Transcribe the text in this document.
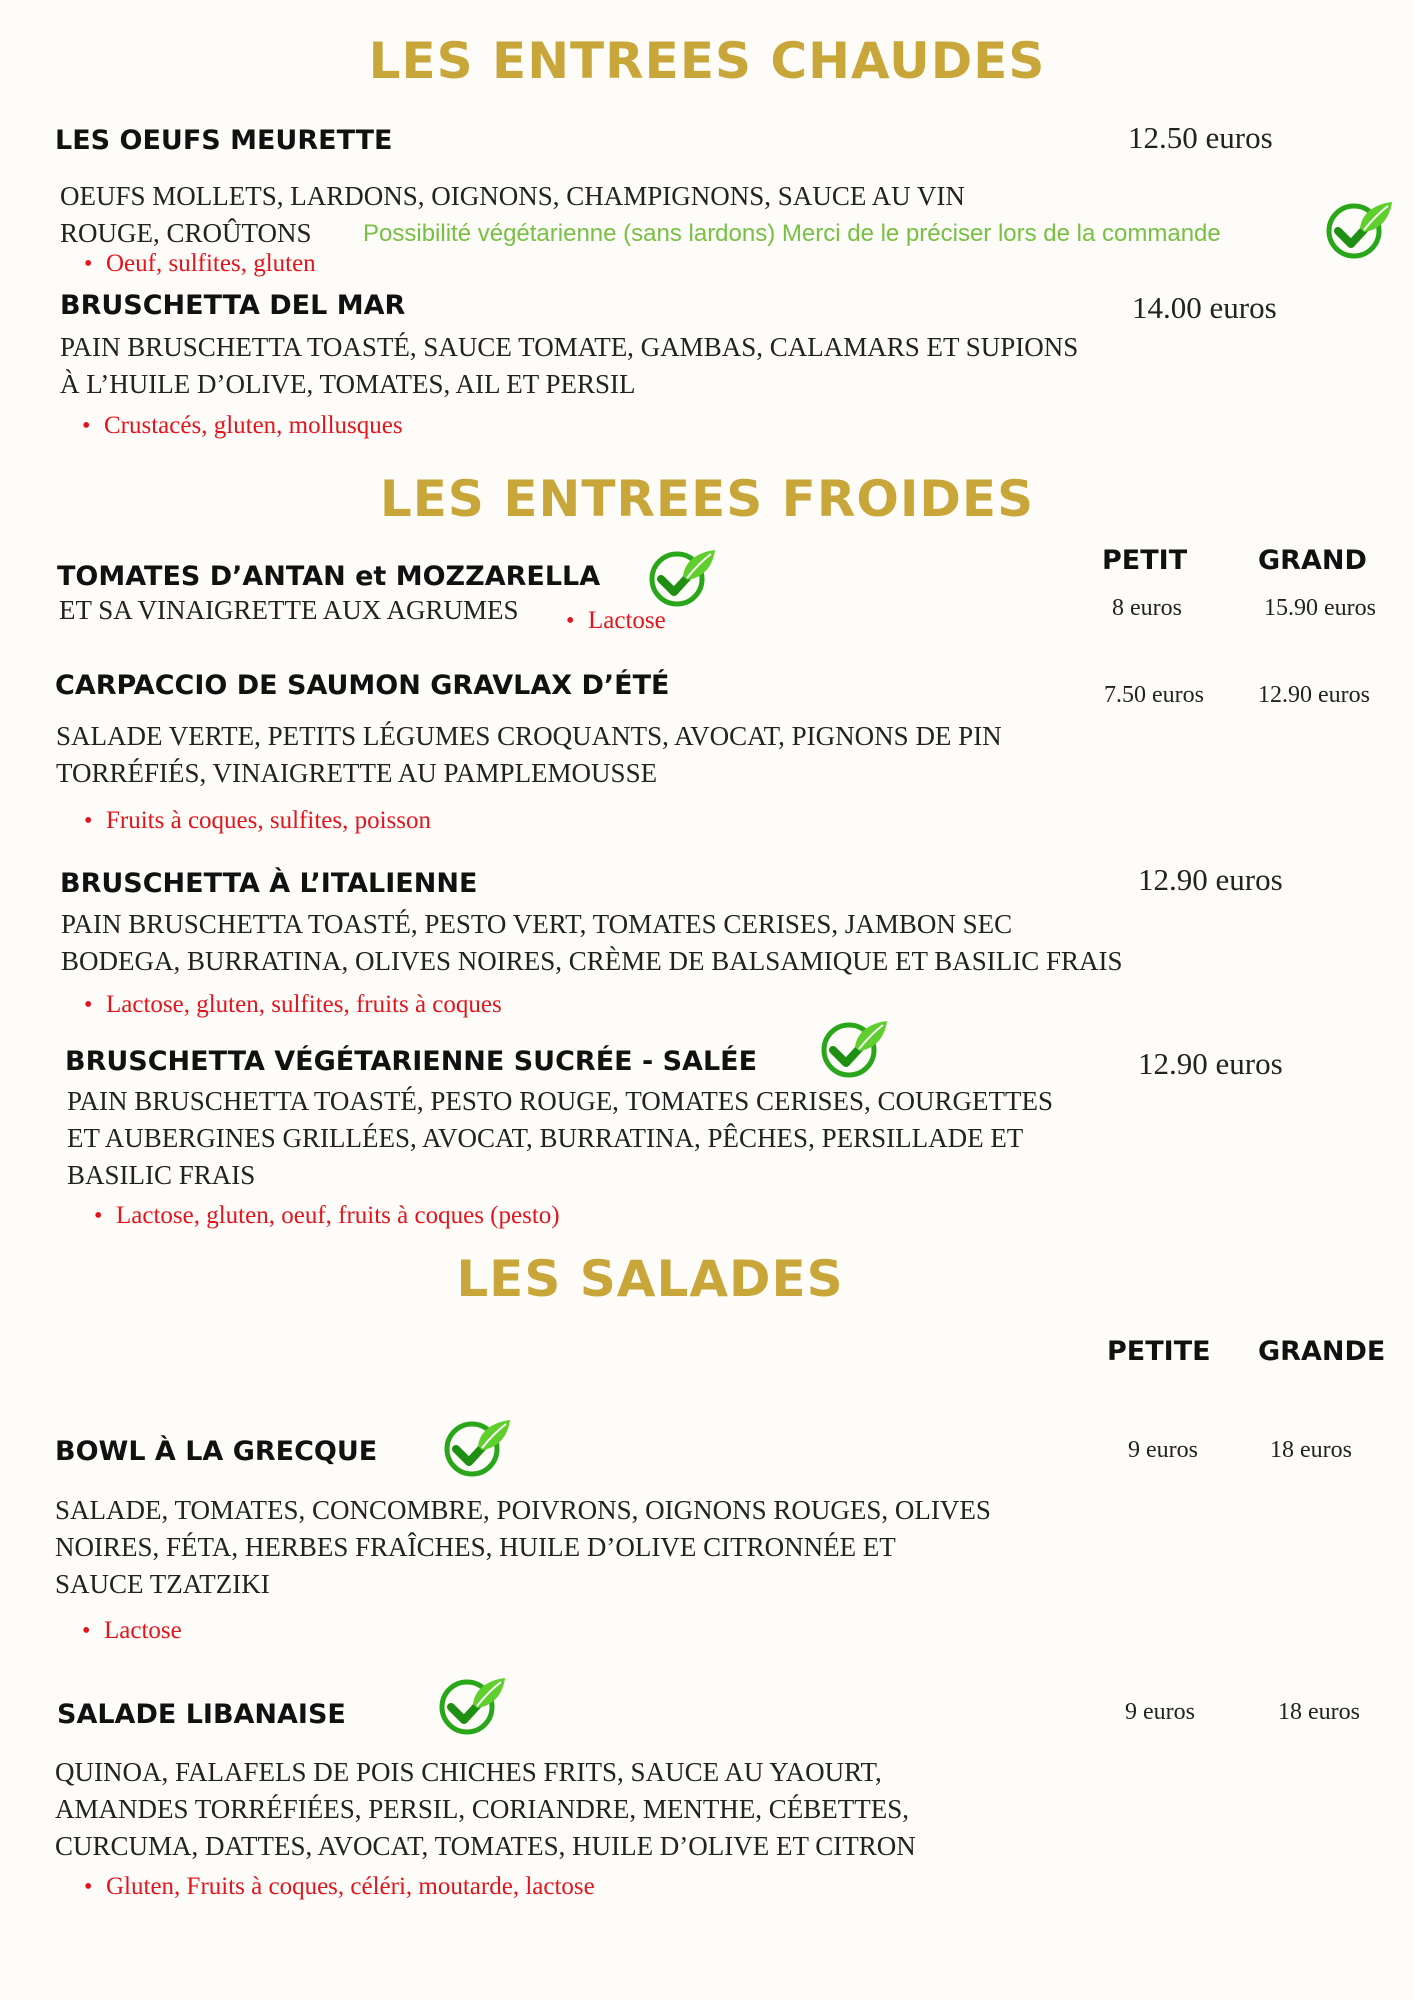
LES ENTREES CHAUDES
LES OEUFS MEURETTE	12.50 euros
OEUFS MOLLETS, LARDONS, OIGNONS, CHAMPIGNONS, SAUCE AU VIN
ROUGE, CROÛTONS	Possibilité végétarienne (sans lardons) Merci de le préciser lors de la commande
• Oeuf, sulfites, gluten
BRUSCHETTA DEL MAR	14.00 euros
PAIN BRUSCHETTA TOASTÉ, SAUCE TOMATE, GAMBAS, CALAMARS ET SUPIONS
À L’HUILE D’OLIVE, TOMATES, AIL ET PERSIL
• Crustacés, gluten, mollusques
LES ENTREES FROIDES
PETIT	GRAND
TOMATES D’ANTAN et MOZZARELLA
ET SA VINAIGRETTE AUX AGRUMES
•	Lactose	8 euros	15.90 euros
CARPACCIO DE SAUMON GRAVLAX D’ÉTÉ	7.50 euros 12.90 euros
SALADE VERTE, PETITS LÉGUMES CROQUANTS, AVOCAT, PIGNONS DE PIN
TORRÉFIÉS, VINAIGRETTE AU PAMPLEMOUSSE
• Fruits à coques, sulfites, poisson
BRUSCHETTA À L’ITALIENNE	12.90 euros
PAIN BRUSCHETTA TOASTÉ, PESTO VERT, TOMATES CERISES, JAMBON SEC
BODEGA, BURRATINA, OLIVES NOIRES, CRÈME DE BALSAMIQUE ET BASILIC FRAIS
• Lactose, gluten, sulfites, fruits à coques
BRUSCHETTA VÉGÉTARIENNE SUCRÉE - SALÉE	12.90 euros
PAIN BRUSCHETTA TOASTÉ, PESTO ROUGE, TOMATES CERISES, COURGETTES
ET AUBERGINES GRILLÉES, AVOCAT, BURRATINA, PÊCHES, PERSILLADE ET
BASILIC FRAIS
• Lactose, gluten, oeuf, fruits à coques (pesto)
LES SALADES
PETITE GRANDE
BOWL À LA GRECQUE	9 euros	18 euros
SALADE, TOMATES, CONCOMBRE, POIVRONS, OIGNONS ROUGES, OLIVES
NOIRES, FÉTA, HERBES FRAÎCHES, HUILE D’OLIVE CITRONNÉE ET
SAUCE TZATZIKI
• Lactose
SALADE LIBANAISE	9 euros	18 euros
QUINOA, FALAFELS DE POIS CHICHES FRITS, SAUCE AU YAOURT,
AMANDES TORRÉFIÉES, PERSIL, CORIANDRE, MENTHE, CÉBETTES,
CURCUMA, DATTES, AVOCAT, TOMATES, HUILE D’OLIVE ET CITRON
• Gluten, Fruits à coques, céléri, moutarde, lactose
